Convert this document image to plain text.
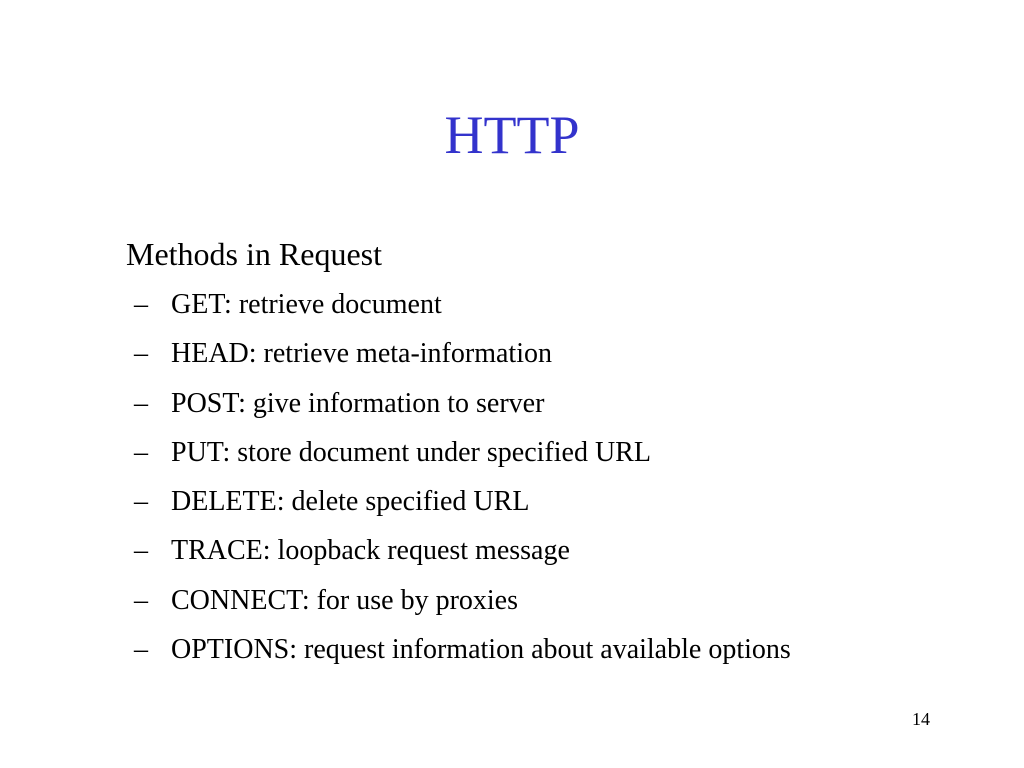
HTTP
Methods in Request
– GET: retrieve document
– HEAD: retrieve meta-information
– POST: give information to server
– PUT: store document under specified URL
– DELETE: delete specified URL
– TRACE: loopback request message
– CONNECT: for use by proxies
– OPTIONS: request information about available options
14
